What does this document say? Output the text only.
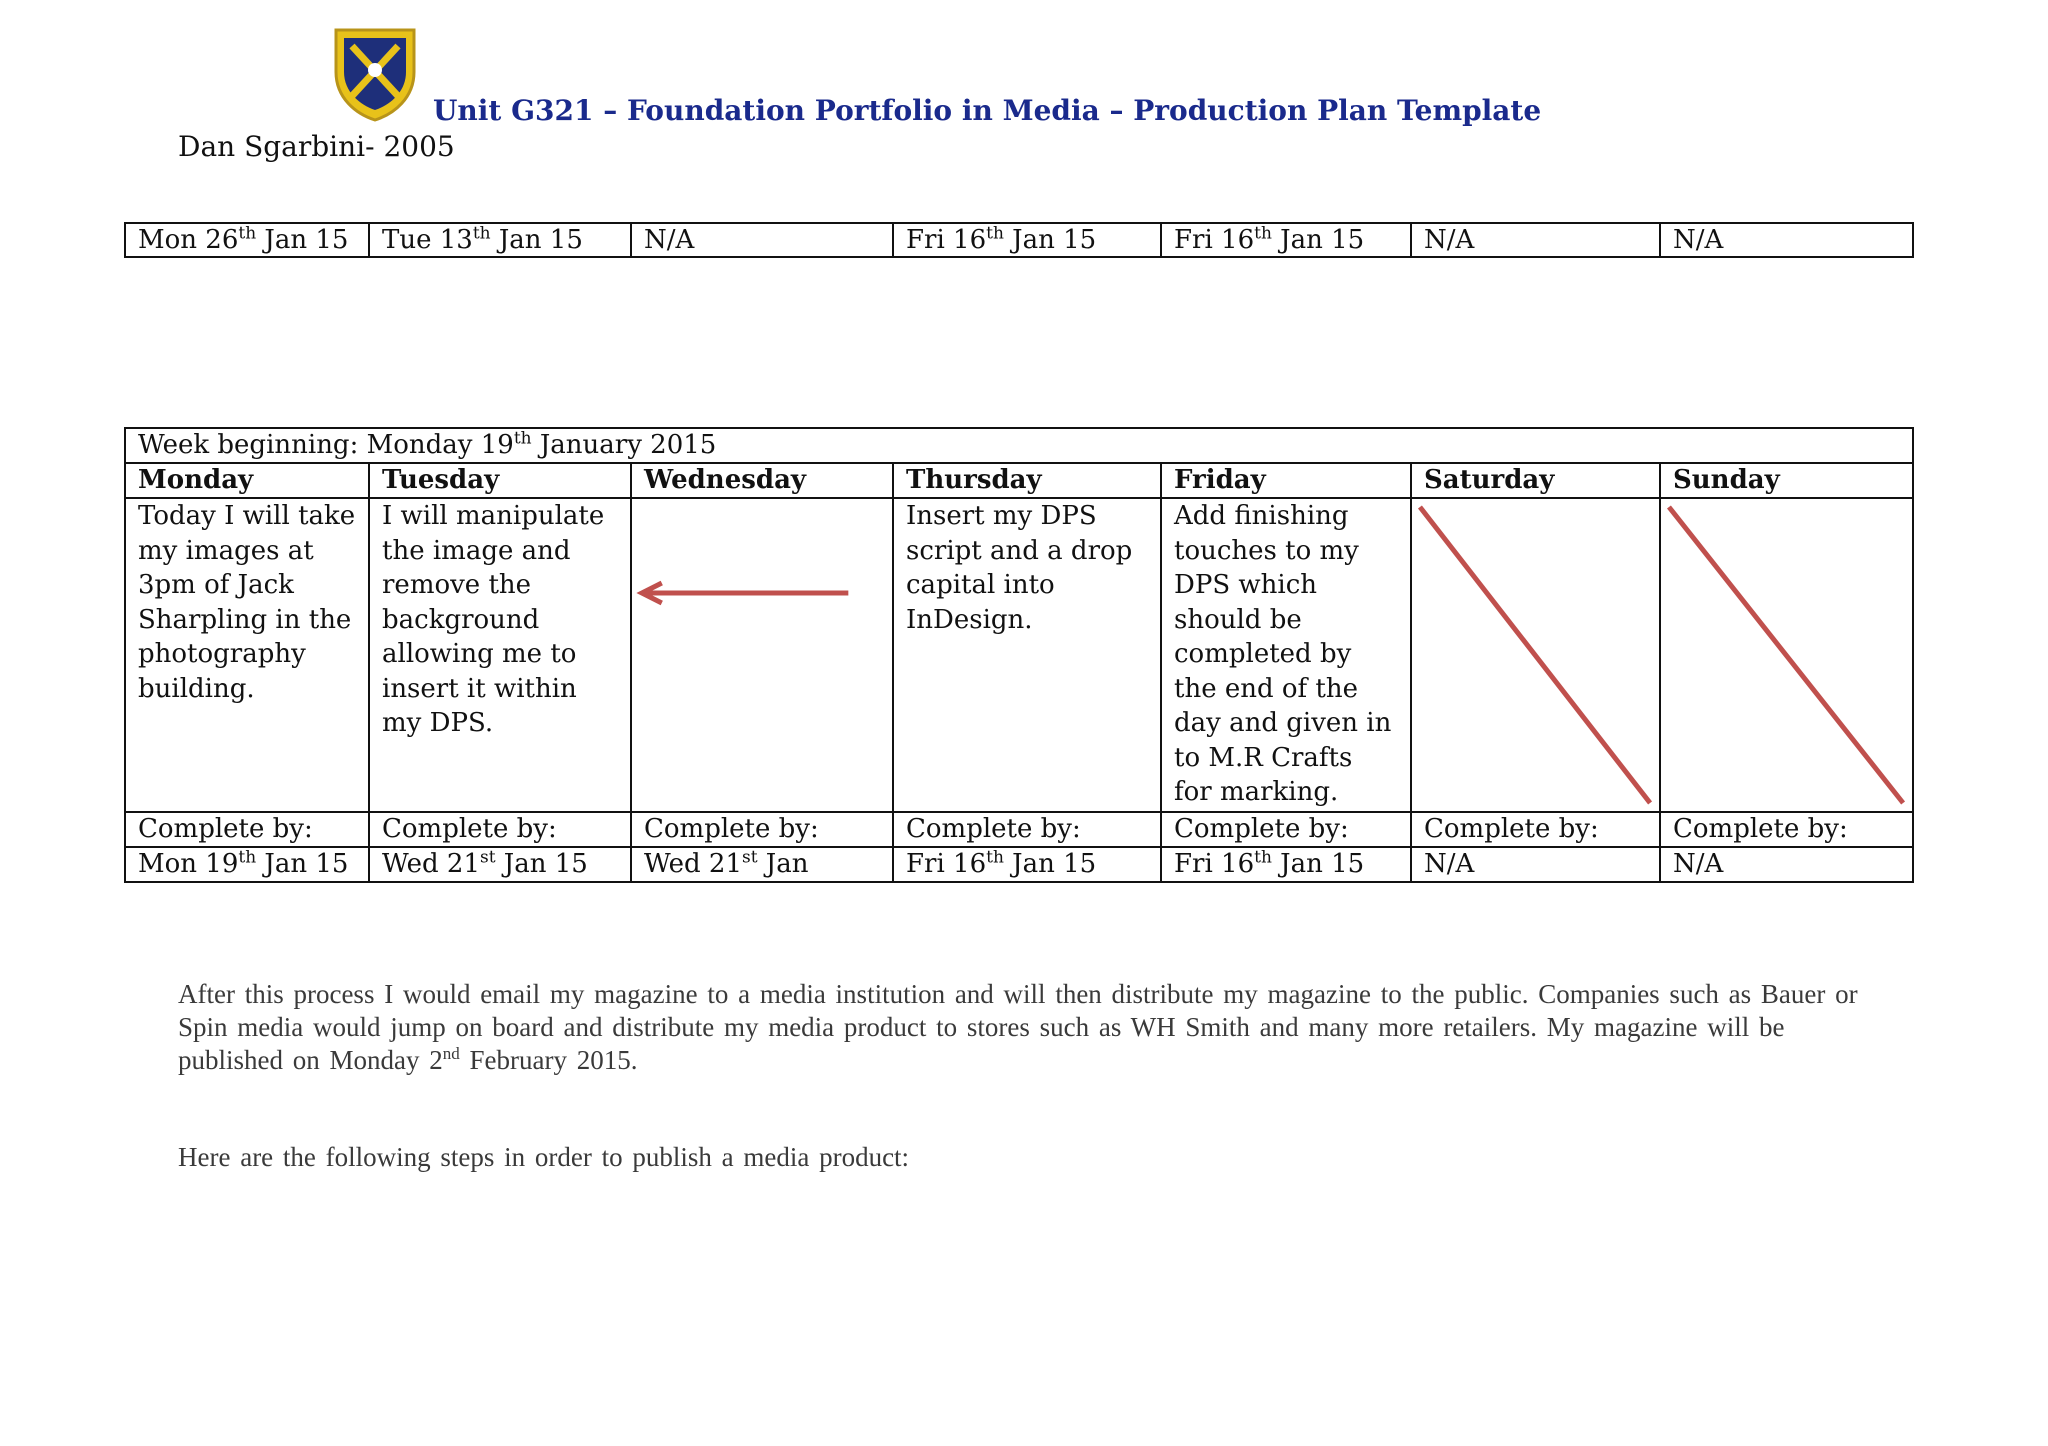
Unit G321 – Foundation Portfolio in Media – Production Plan Template
Dan Sgarbini- 2005
Mon 26th Jan 15	Tue 13th Jan 15	N/A	Fri 16th Jan 15	Fri 16th Jan 15	N/A	N/A
Week beginning: Monday 19th January 2015						
Monday	Tuesday	Wednesday	Thursday	Friday	Saturday	Sunday
Today I will take my images at 3pm of Jack Sharpling in the photography building.	I will manipulate the image and remove the background allowing me to insert it within my DPS.		Insert my DPS script and a drop capital into InDesign.	Add finishing touches to my DPS which should be completed by the end of the day and given in to M.R Crafts for marking.	

Complete by:	Complete by:	Complete by:	Complete by:	Complete by:	Complete by:	Complete by:
Mon 19th Jan 15	Wed 21st Jan 15	Wed 21st Jan	Fri 16th Jan 15	Fri 16th Jan 15	N/A	N/A
After this process I would email my magazine to a media institution and will then distribute my magazine to the public. Companies such as Bauer or Spin media would jump on board and distribute my media product to stores such as WH Smith and many more retailers. My magazine will be published on Monday 2nd February 2015.
Here are the following steps in order to publish a media product:
